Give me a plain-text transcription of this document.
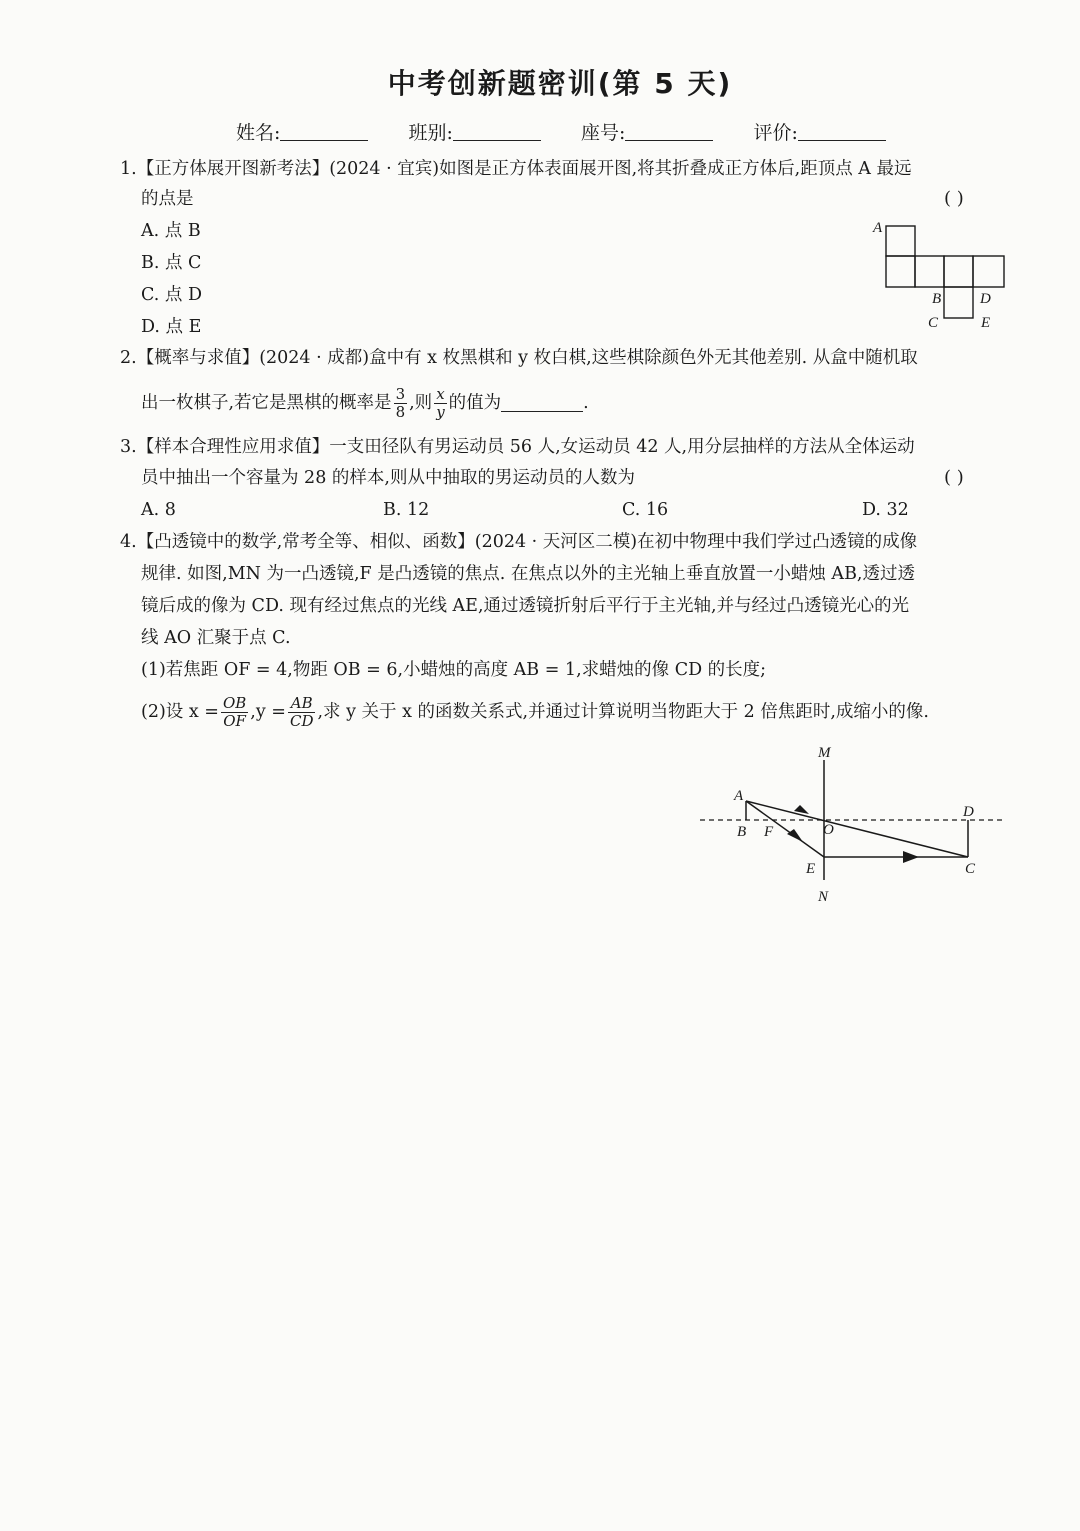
中考创新题密训(第 5 天)
姓名:	班别:	座号:	评价:
1.【正方体展开图新考法】(2024 · 宜宾)如图是正方体表面展开图,将其折叠成正方体后,距顶点 A 最远
的点是	( )
A. 点 B
B. 点 C
C. 点 D
D. 点 E
A
B	D
C	E
2.【概率与求值】(2024 · 成都)盒中有 x 枚黑棋和 y 枚白棋,这些棋除颜色外无其他差别. 从盒中随机取
出一枚棋子,若它是黑棋的概率是 $\frac{3}{8}$ ,则 $\frac{x}{y}$ 的值为	.
3.【样本合理性应用求值】一支田径队有男运动员 56 人,女运动员 42 人,用分层抽样的方法从全体运动
员中抽出一个容量为 28 的样本,则从中抽取的男运动员的人数为	( )
A. 8	B. 12	C. 16	D. 32
4.【凸透镜中的数学,常考全等、相似、函数】(2024 · 天河区二模)在初中物理中我们学过凸透镜的成像
规律. 如图,MN 为一凸透镜,F 是凸透镜的焦点. 在焦点以外的主光轴上垂直放置一小蜡烛 AB,透过透
镜后成的像为 CD. 现有经过焦点的光线 AE,通过透镜折射后平行于主光轴,并与经过凸透镜光心的光
线 AO 汇聚于点 C.
(1)若焦距 OF = 4,物距 OB = 6,小蜡烛的高度 AB = 1,求蜡烛的像 CD 的长度;
(2)设 $x = \frac{OB}{OF} ,y = \frac{AB}{CD}$ ,求 y 关于 x 的函数关系式,并通过计算说明当物距大于 2 倍焦距时,成缩小的像.
M
A
D
B F	O
E	C
N
